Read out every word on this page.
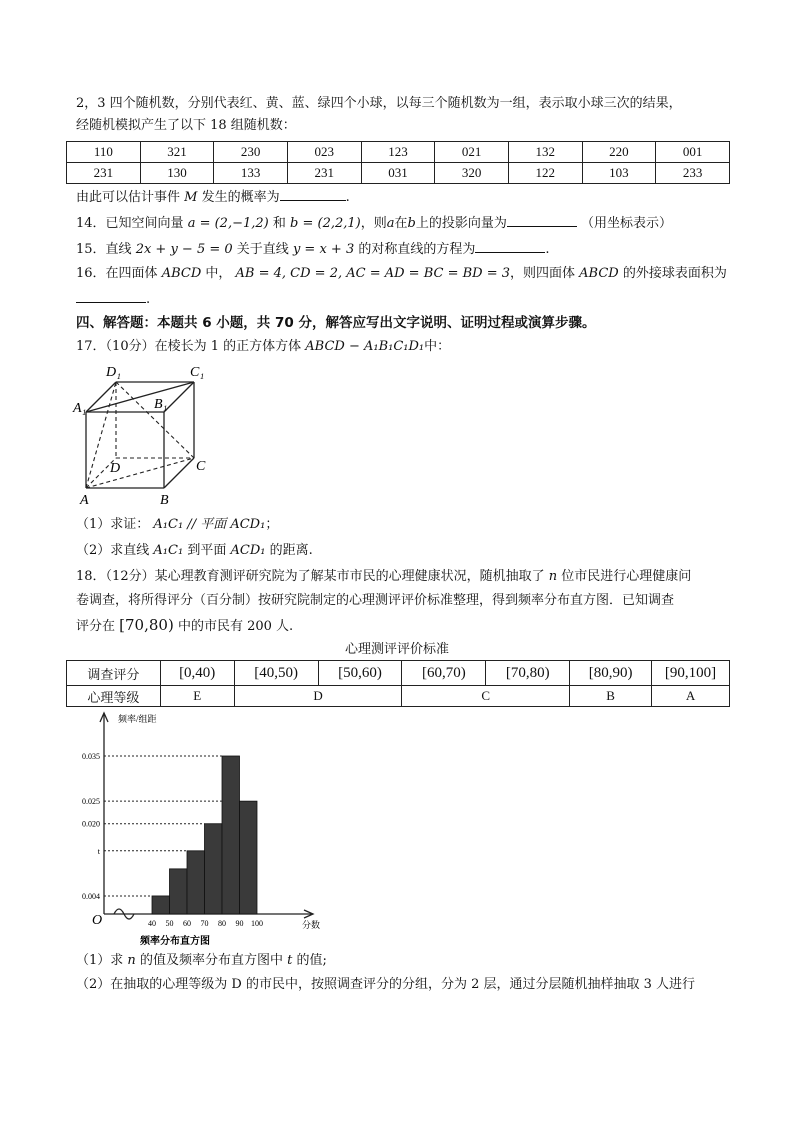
2，3 四个随机数，分别代表红、黄、蓝、绿四个小球，以每三个随机数为一组，表示取小球三次的结果，
经随机模拟产生了以下 18 组随机数：
110	321	230	023	123	021	132	220	001
231	130	133	231	031	320	122	103	233
由此可以估计事件 M 发生的概率为	.
14．已知空间向量 a = (2,−1,2) 和 b = (2,2,1)，则a在b上的投影向量为	（用坐标表示）
15．直线 2x + y − 5 = 0 关于直线 y = x + 3 的对称直线的方程为	.
16．在四面体 ABCD 中， AB = 4, CD = 2, AC = AD = BC = BD = 3，则四面体 ABCD 的外接球表面积为
.
四、解答题：本题共 6 小题，共 70 分，解答应写出文字说明、证明过程或演算步骤。
17．（10分）在棱长为 1 的正方体方体 ABCD − A₁B₁C₁D₁中：
D₁	C₁
A₁	B₁
D	C
A	B
（1）求证： A₁C₁ // 平面 ACD₁；
（2）求直线 A₁C₁ 到平面 ACD₁ 的距离.
18．（12分）某心理教育测评研究院为了解某市市民的心理健康状况，随机抽取了 n 位市民进行心理健康问
卷调查，将所得评分（百分制）按研究院制定的心理测评评价标准整理，得到频率分布直方图．已知调查
评分在 [70,80) 中的市民有 200 人.
心理测评评价标准
调查评分	[0,40)	[40,50)	[50,60)	[60,70)	[70,80)	[80,90)	[90,100]
心理等级	E	D		C		B	A
0.035
0.025
0.020
t
0.004
40 50 60 70 80 90 100
O
频率/组距
分数
频率分布直方图
（1）求 n 的值及频率分布直方图中 t 的值;
（2）在抽取的心理等级为 D 的市民中，按照调查评分的分组，分为 2 层，通过分层随机抽样抽取 3 人进行
